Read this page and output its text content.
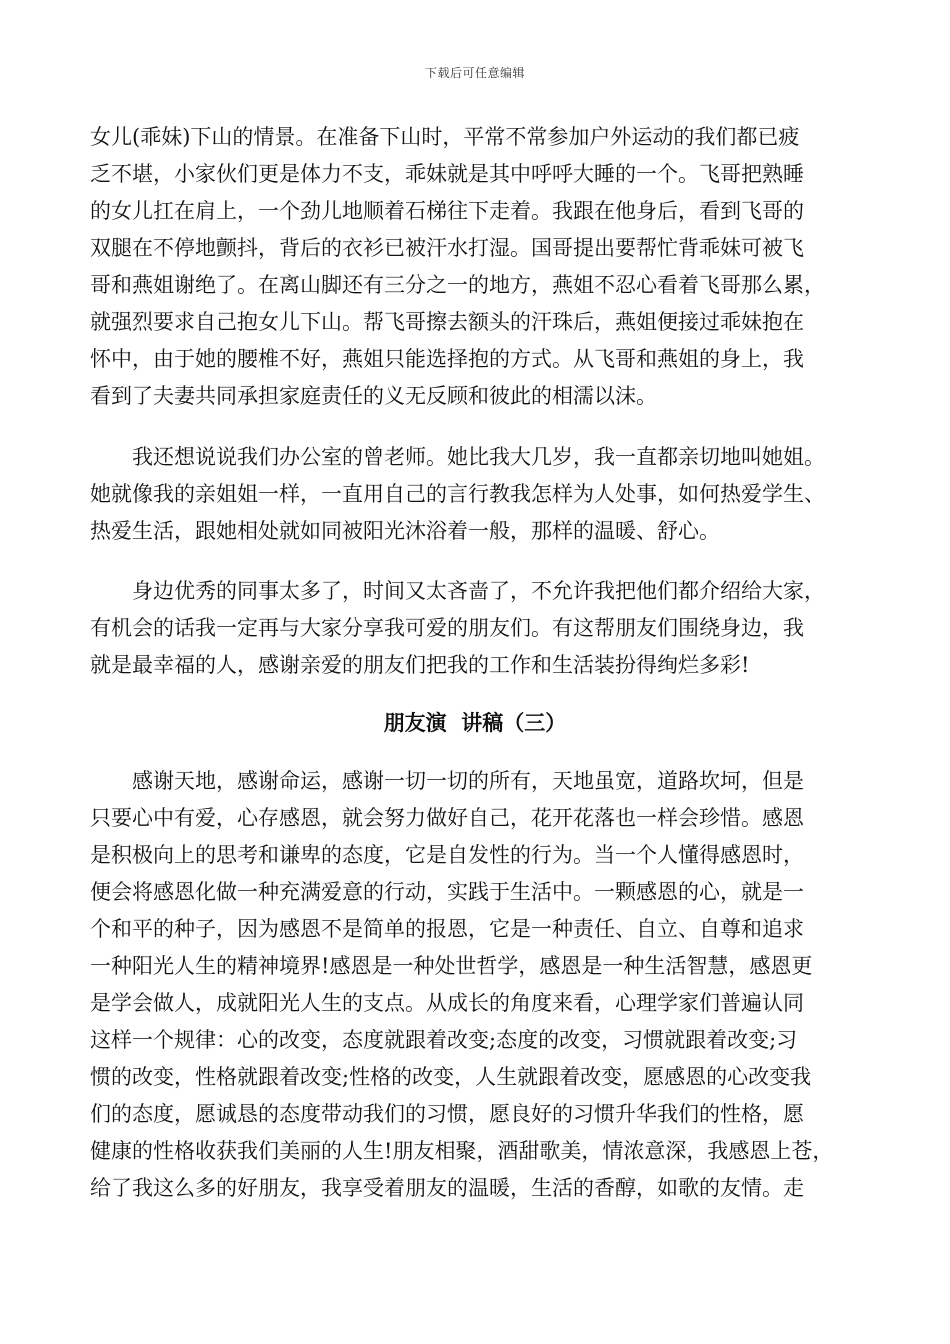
下载后可任意编辑
女儿(乖妹)下山的情景。在准备下山时，平常不常参加户外运动的我们都已疲
乏不堪，小家伙们更是体力不支，乖妹就是其中呼呼大睡的一个。飞哥把熟睡
的女儿扛在肩上，一个劲儿地顺着石梯往下走着。我跟在他身后，看到飞哥的
双腿在不停地颤抖，背后的衣衫已被汗水打湿。国哥提出要帮忙背乖妹可被飞
哥和燕姐谢绝了。在离山脚还有三分之一的地方，燕姐不忍心看着飞哥那么累，
就强烈要求自己抱女儿下山。帮飞哥擦去额头的汗珠后，燕姐便接过乖妹抱在
怀中，由于她的腰椎不好，燕姐只能选择抱的方式。从飞哥和燕姐的身上，我
看到了夫妻共同承担家庭责任的义无反顾和彼此的相濡以沫。
我还想说说我们办公室的曾老师。她比我大几岁，我一直都亲切地叫她姐。
她就像我的亲姐姐一样，一直用自己的言行教我怎样为人处事，如何热爱学生、
热爱生活，跟她相处就如同被阳光沐浴着一般，那样的温暖、舒心。
身边优秀的同事太多了，时间又太吝啬了，不允许我把他们都介绍给大家，
有机会的话我一定再与大家分享我可爱的朋友们。有这帮朋友们围绕身边，我
就是最幸福的人，感谢亲爱的朋友们把我的工作和生活装扮得绚烂多彩!
朋友演  讲稿（三）
感谢天地，感谢命运，感谢一切一切的所有，天地虽宽，道路坎坷，但是
只要心中有爱，心存感恩，就会努力做好自己，花开花落也一样会珍惜。感恩
是积极向上的思考和谦卑的态度，它是自发性的行为。当一个人懂得感恩时，
便会将感恩化做一种充满爱意的行动，实践于生活中。一颗感恩的心，就是一
个和平的种子，因为感恩不是简单的报恩，它是一种责任、自立、自尊和追求
一种阳光人生的精神境界!感恩是一种处世哲学，感恩是一种生活智慧，感恩更
是学会做人，成就阳光人生的支点。从成长的角度来看，心理学家们普遍认同
这样一个规律：心的改变，态度就跟着改变;态度的改变，习惯就跟着改变;习
惯的改变，性格就跟着改变;性格的改变，人生就跟着改变，愿感恩的心改变我
们的态度，愿诚恳的态度带动我们的习惯，愿良好的习惯升华我们的性格，愿
健康的性格收获我们美丽的人生!朋友相聚，酒甜歌美，情浓意深，我感恩上苍，
给了我这么多的好朋友，我享受着朋友的温暖，生活的香醇，如歌的友情。走
